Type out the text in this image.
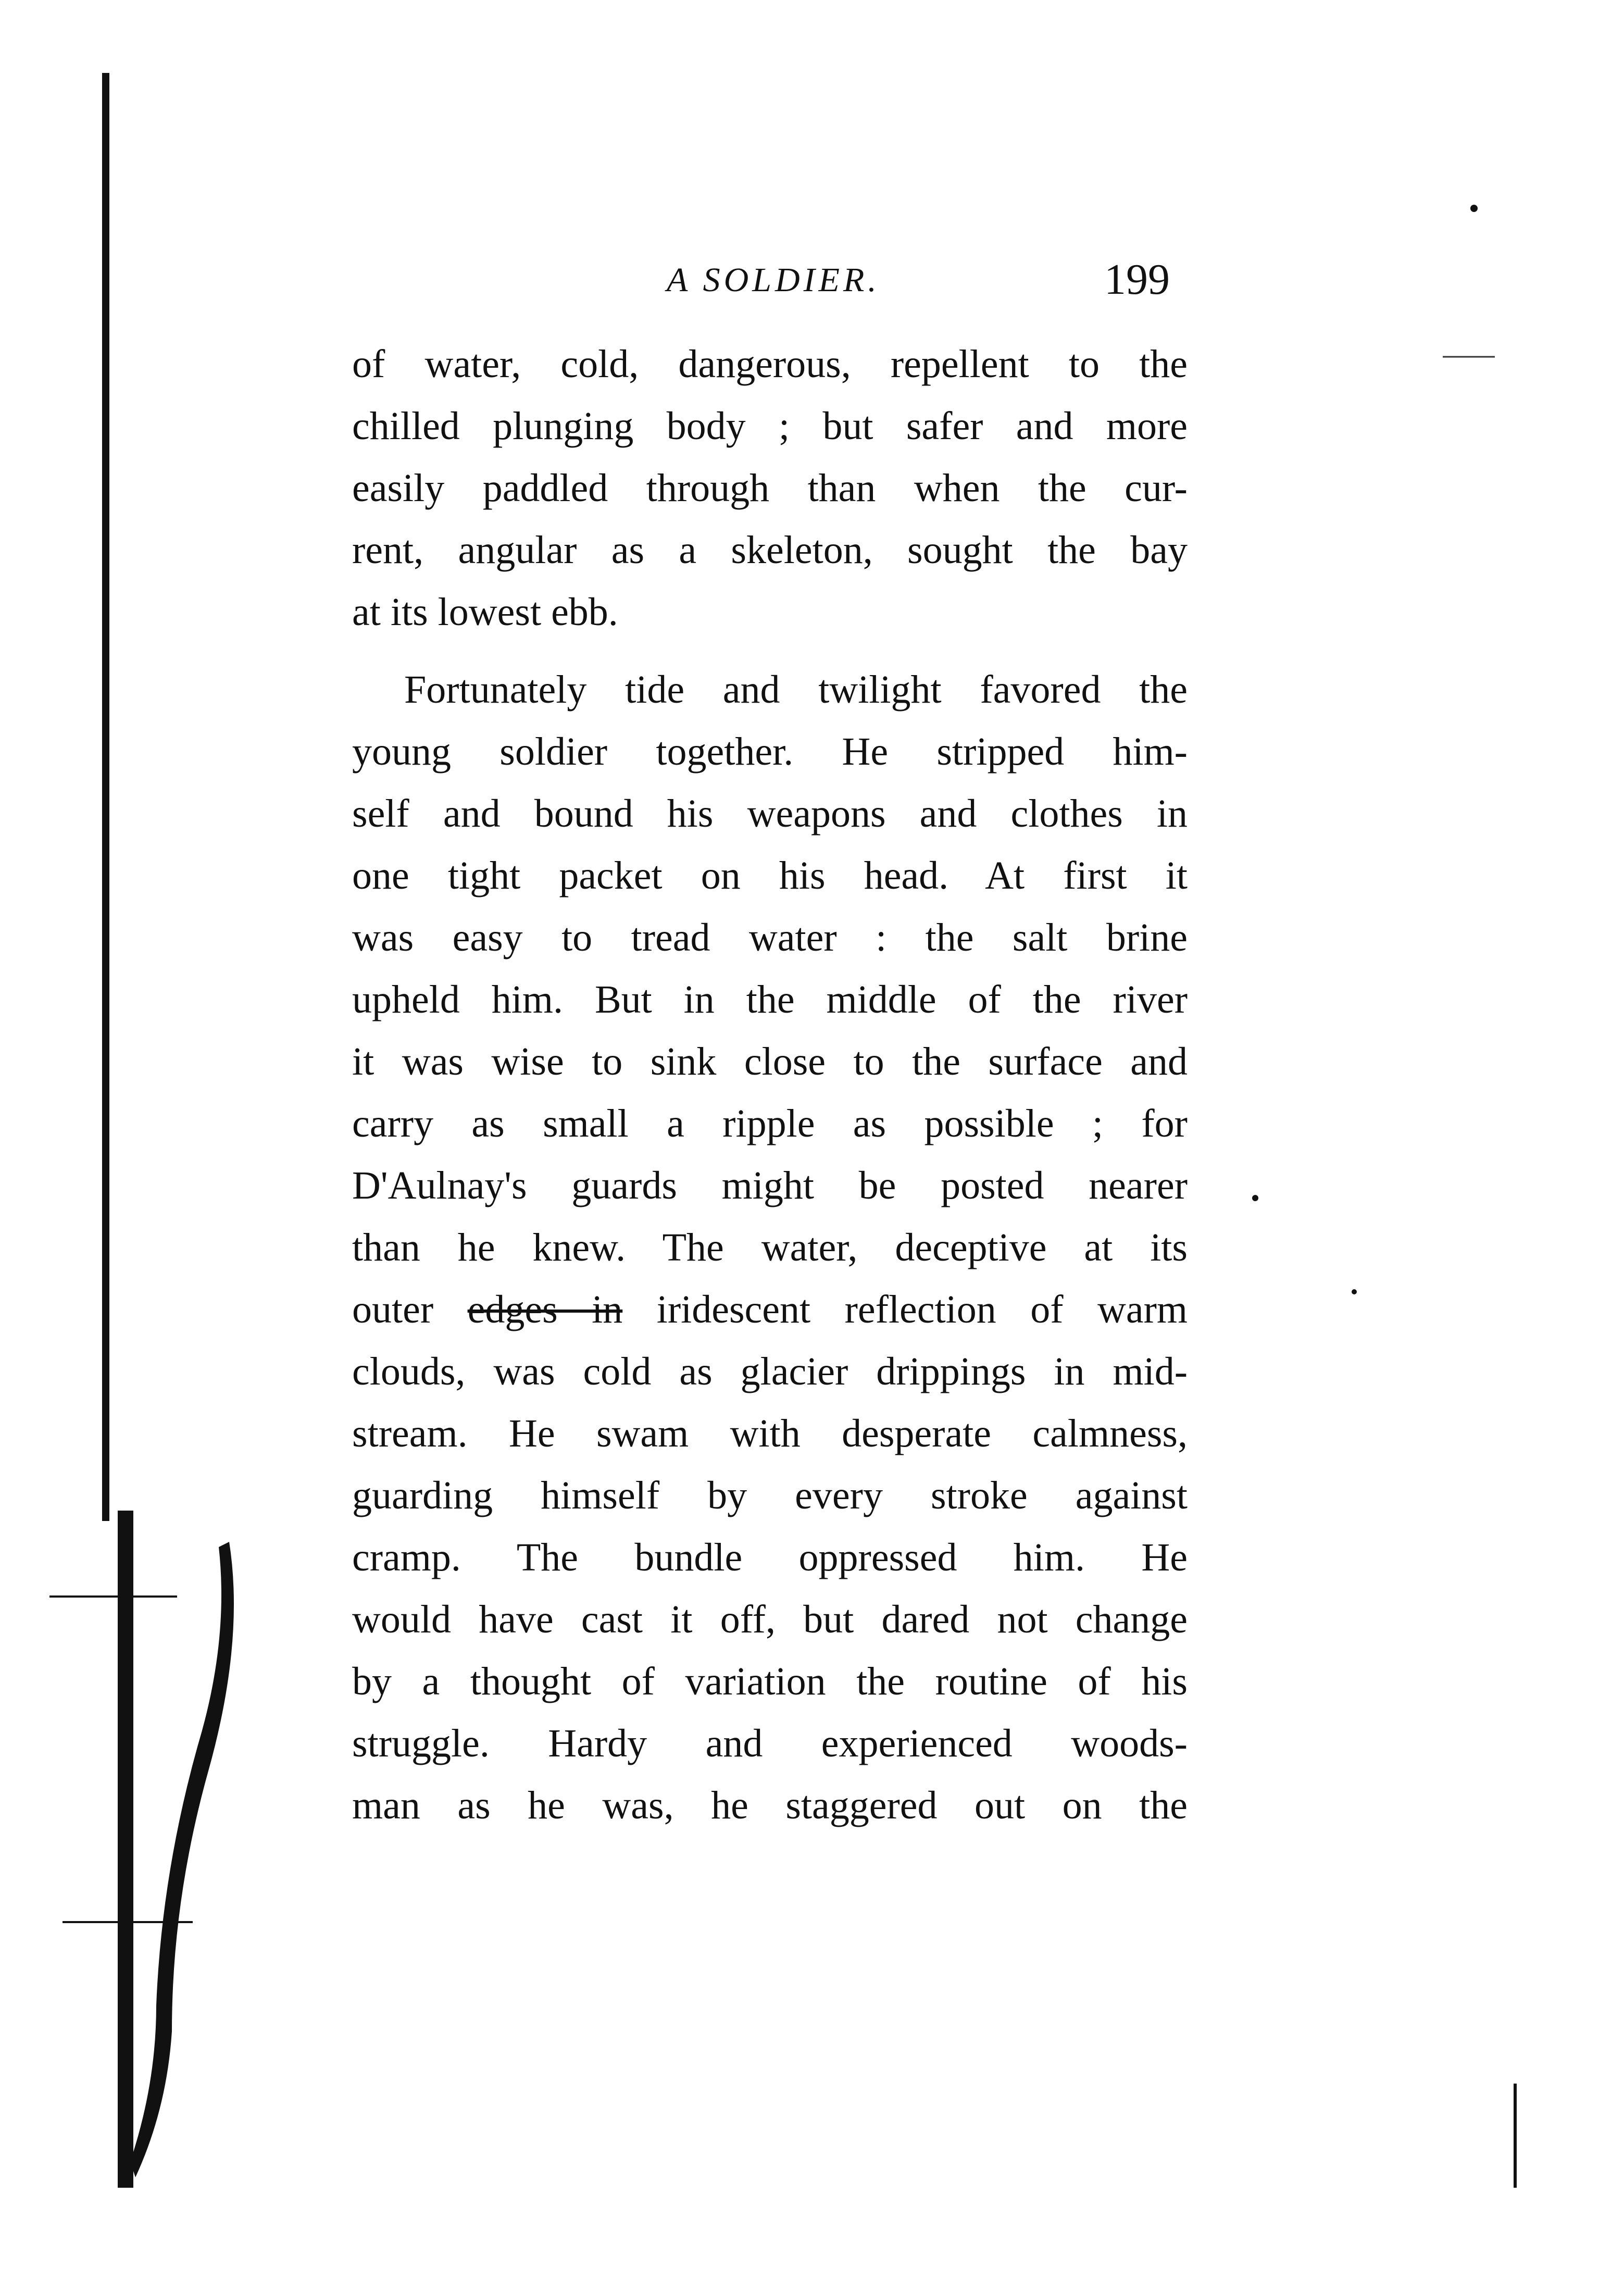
A SOLDIER.	199
of water, cold, dangerous, repellent to the
chilled plunging body ; but safer and more
easily paddled through than when the cur-
rent, angular as a skeleton, sought the bay
at its lowest ebb.
Fortunately tide and twilight favored the
young soldier together. He stripped him-
self and bound his weapons and clothes in
one tight packet on his head. At first it
was easy to tread water : the salt brine
upheld him. But in the middle of the river
it was wise to sink close to the surface and
carry as small a ripple as possible ; for
D'Aulnay's guards might be posted nearer
than he knew. The water, deceptive at its
outer edges in iridescent reflection of warm
clouds, was cold as glacier drippings in mid-
stream. He swam with desperate calmness,
guarding himself by every stroke against
cramp. The bundle oppressed him. He
would have cast it off, but dared not change
by a thought of variation the routine of his
struggle. Hardy and experienced woods-
man as he was, he staggered out on the
